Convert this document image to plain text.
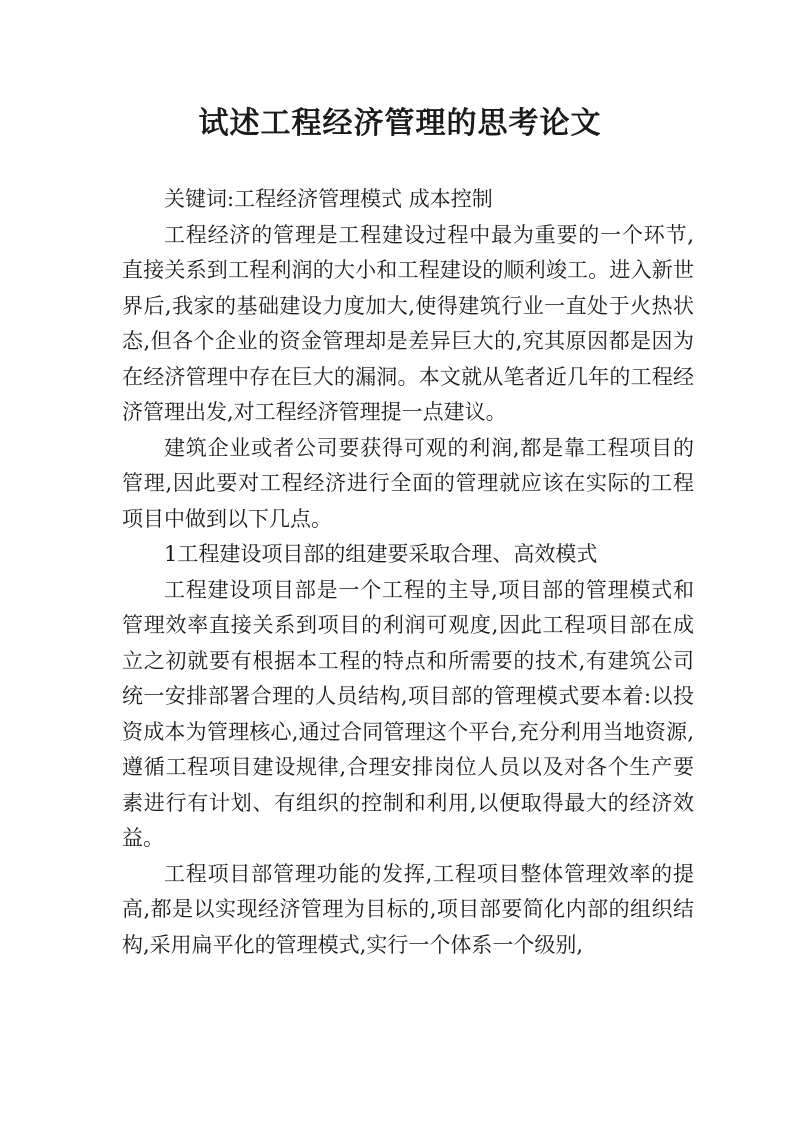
试述工程经济管理的思考论文

关键词:工程经济管理模式 成本控制

工程经济的管理是工程建设过程中最为重要的一个环节,直接关系到工程利润的大小和工程建设的顺利竣工。进入新世界后,我家的基础建设力度加大,使得建筑行业一直处于火热状态,但各个企业的资金管理却是差异巨大的,究其原因都是因为在经济管理中存在巨大的漏洞。本文就从笔者近几年的工程经济管理出发,对工程经济管理提一点建议。

建筑企业或者公司要获得可观的利润,都是靠工程项目的管理,因此要对工程经济进行全面的管理就应该在实际的工程项目中做到以下几点。

1工程建设项目部的组建要采取合理、高效模式

工程建设项目部是一个工程的主导,项目部的管理模式和管理效率直接关系到项目的利润可观度,因此工程项目部在成立之初就要有根据本工程的特点和所需要的技术,有建筑公司统一安排部署合理的人员结构,项目部的管理模式要本着:以投资成本为管理核心,通过合同管理这个平台,充分利用当地资源,遵循工程项目建设规律,合理安排岗位人员以及对各个生产要素进行有计划、有组织的控制和利用,以便取得最大的经济效益。

工程项目部管理功能的发挥,工程项目整体管理效率的提高,都是以实现经济管理为目标的,项目部要简化内部的组织结构,采用扁平化的管理模式,实行一个体系一个级别,
